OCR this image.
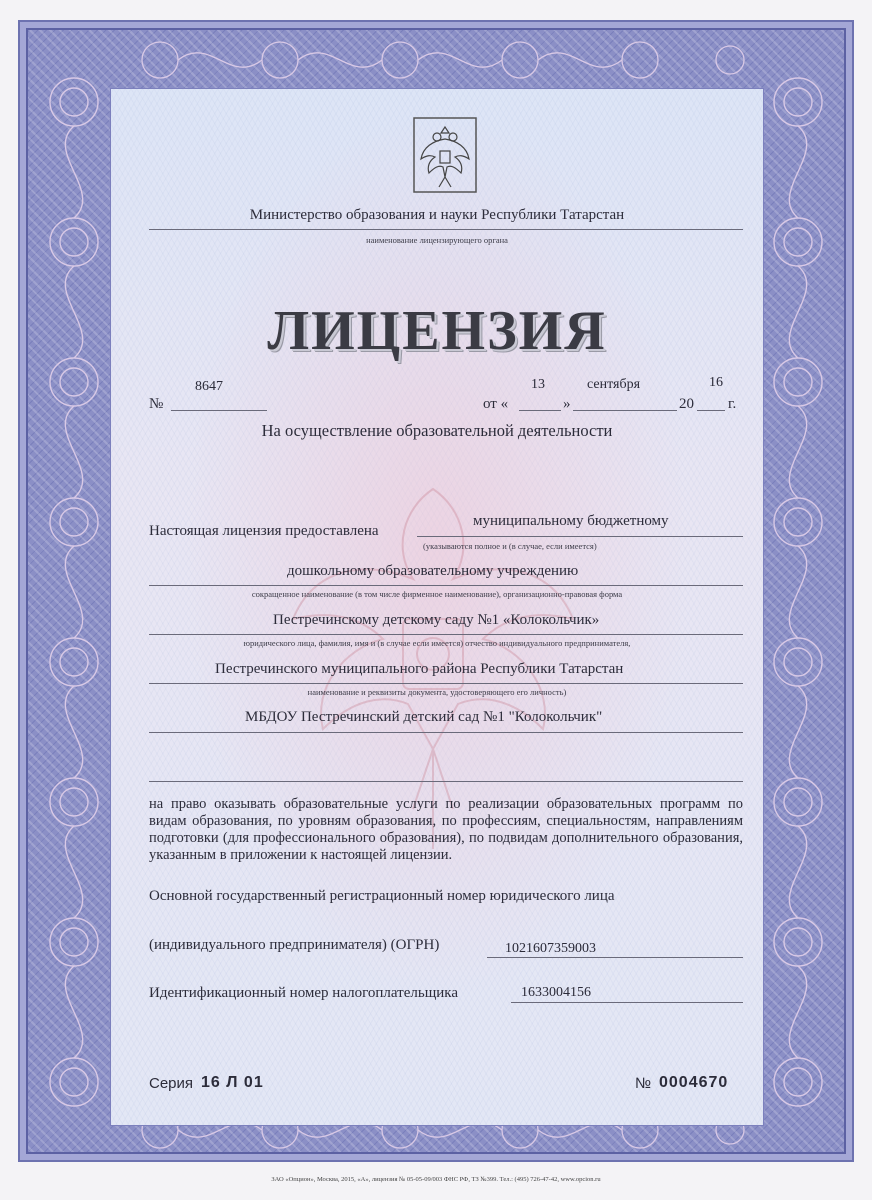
Министерство образования и науки Республики Татарстан
наименование лицензирующего органа
ЛИЦЕНЗИЯ
№
8647
от «
13
»
сентября
20
16
г.
На осуществление образовательной деятельности
Настоящая лицензия предоставлена
муниципальному бюджетному
(указываются полное и (в случае, если имеется)
дошкольному образовательному учреждению
сокращенное наименование (в том числе фирменное наименование), организационно-правовая форма
Пестречинскому детскому саду №1 «Колокольчик»
юридического лица, фамилия, имя и (в случае если имеется) отчество индивидуального предпринимателя,
Пестречинского муниципального района Республики Татарстан
наименование и реквизиты документа, удостоверяющего его личность)
МБДОУ Пестречинский детский сад №1 "Колокольчик"
на право оказывать образовательные услуги по реализации образовательных программ по видам образования, по уровням образования, по профессиям, специальностям, направлениям подготовки (для профессионального образования), по подвидам дополнительного образования, указанным в приложении к настоящей лицензии.
Основной государственный регистрационный номер юридического лица
(индивидуального предпринимателя) (ОГРН)	1021607359003
Идентификационный номер налогоплательщика	1633004156
Серия 16 Л 01	№ 0004670
ЗАО «Опцион», Москва, 2015, «А», лицензия № 05-05-09/003 ФНС РФ, ТЗ №399. Тел.: (495) 726-47-42, www.opcion.ru
